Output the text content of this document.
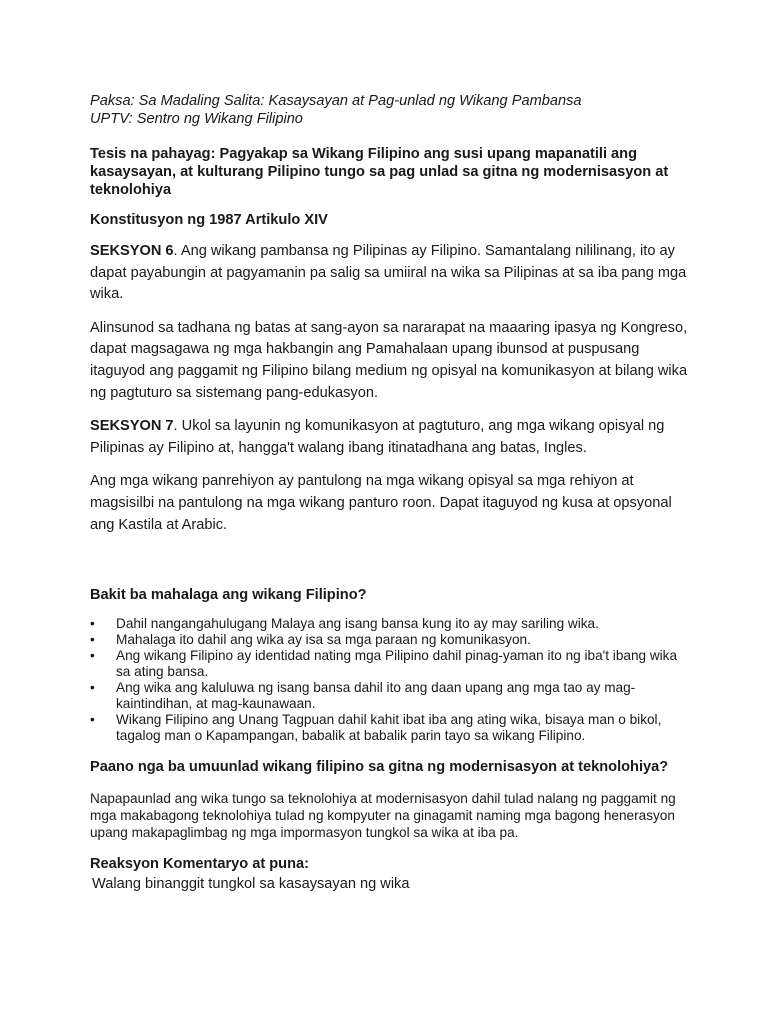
Paksa: Sa Madaling Salita: Kasaysayan at Pag-unlad ng Wikang Pambansa

UPTV: Sentro ng Wikang Filipino

Tesis na pahayag: Pagyakap sa Wikang Filipino ang susi upang mapanatili ang kasaysayan, at kulturang Pilipino tungo sa pag unlad sa gitna ng modernisasyon at teknolohiya

Konstitusyon ng 1987 Artikulo XIV

SEKSYON 6. Ang wikang pambansa ng Pilipinas ay Filipino. Samantalang nililinang, ito ay dapat payabungin at pagyamanin pa salig sa umiiral na wika sa Pilipinas at sa iba pang mga wika.

Alinsunod sa tadhana ng batas at sang-ayon sa nararapat na maaaring ipasya ng Kongreso, dapat magsagawa ng mga hakbangin ang Pamahalaan upang ibunsod at puspusang itaguyod ang paggamit ng Filipino bilang medium ng opisyal na komunikasyon at bilang wika ng pagtuturo sa sistemang pang-edukasyon.

SEKSYON 7. Ukol sa layunin ng komunikasyon at pagtuturo, ang mga wikang opisyal ng Pilipinas ay Filipino at, hangga't walang ibang itinatadhana ang batas, Ingles.

Ang mga wikang panrehiyon ay pantulong na mga wikang opisyal sa mga rehiyon at magsisilbi na pantulong na mga wikang panturo roon. Dapat itaguyod ng kusa at opsyonal ang Kastila at Arabic.

Bakit ba mahalaga ang wikang Filipino?

• Dahil nangangahulugang Malaya ang isang bansa kung ito ay may sariling wika.
• Mahalaga ito dahil ang wika ay isa sa mga paraan ng komunikasyon.
• Ang wikang Filipino ay identidad nating mga Pilipino dahil pinag-yaman ito ng iba't ibang wika sa ating bansa.
• Ang wika ang kaluluwa ng isang bansa dahil ito ang daan upang ang mga tao ay mag-kaintindihan, at mag-kaunawaan.
• Wikang Filipino ang Unang Tagpuan dahil kahit ibat iba ang ating wika, bisaya man o bikol, tagalog man o Kapampangan, babalik at babalik parin tayo sa wikang Filipino.

Paano nga ba umuunlad wikang filipino sa gitna ng modernisasyon at teknolohiya?

Napapaunlad ang wika tungo sa teknolohiya at modernisasyon dahil tulad nalang ng paggamit ng mga makabagong teknolohiya tulad ng kompyuter na ginagamit naming mga bagong henerasyon upang makapaglimbag ng mga impormasyon tungkol sa wika at iba pa.

Reaksyon Komentaryo at puna:

Walang binanggit tungkol sa kasaysayan ng wika
